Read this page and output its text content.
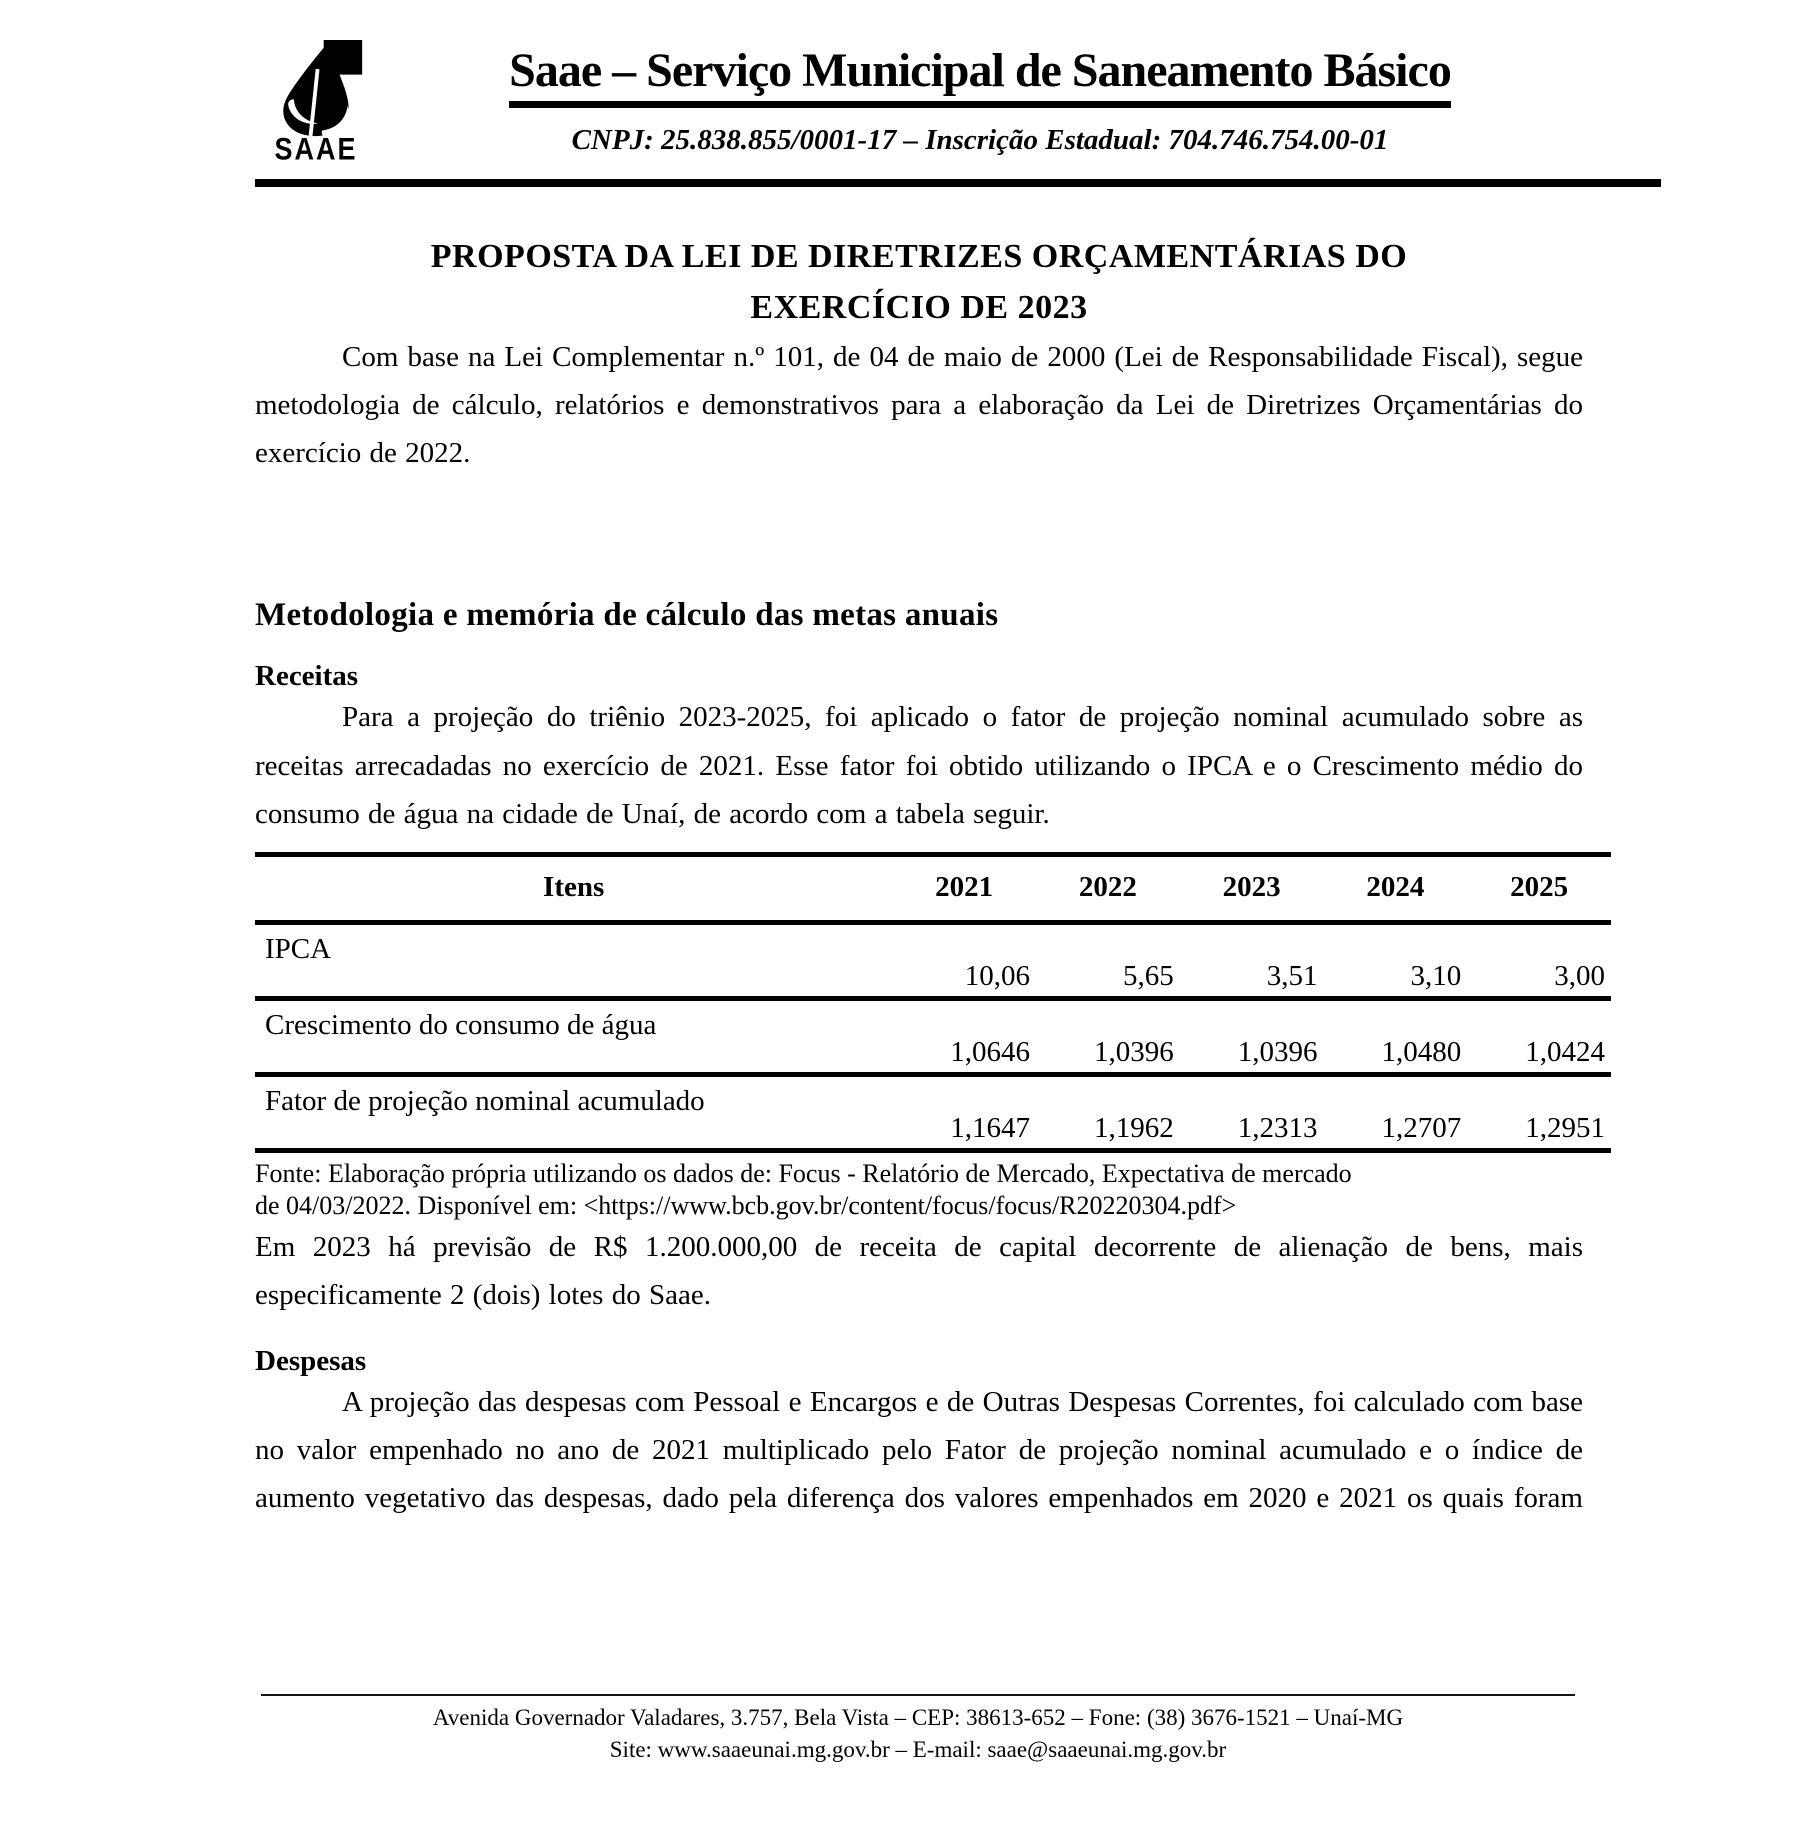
SAAE
Saae – Serviço Municipal de Saneamento Básico
CNPJ: 25.838.855/0001-17 – Inscrição Estadual: 704.746.754.00-01
PROPOSTA DA LEI DE DIRETRIZES ORÇAMENTÁRIAS DO
EXERCÍCIO DE 2023

Com base na Lei Complementar n.º 101, de 04 de maio de 2000 (Lei de Responsabilidade Fiscal), segue metodologia de cálculo, relatórios e demonstrativos para a elaboração da Lei de Diretrizes Orçamentárias do exercício de 2022.

Metodologia e memória de cálculo das metas anuais
Receitas

Para a projeção do triênio 2023-2025, foi aplicado o fator de projeção nominal acumulado sobre as receitas arrecadadas no exercício de 2021. Esse fator foi obtido utilizando o IPCA e o Crescimento médio do consumo de água na cidade de Unaí, de acordo com a tabela seguir.

Itens	2021	2022	2023	2024	2025
IPCA	10,06	5,65	3,51	3,10	3,00
Crescimento do consumo de água	1,0646	1,0396	1,0396	1,0480	1,0424
Fator de projeção nominal acumulado	1,1647	1,1962	1,2313	1,2707	1,2951
Fonte: Elaboração própria utilizando os dados de: Focus - Relatório de Mercado, Expectativa de mercado
de 04/03/2022. Disponível em: <https://www.bcb.gov.br/content/focus/focus/R20220304.pdf>

Em 2023 há previsão de R$ 1.200.000,00 de receita de capital decorrente de alienação de bens, mais especificamente 2 (dois) lotes do Saae.

Despesas

A projeção das despesas com Pessoal e Encargos e de Outras Despesas Correntes, foi calculado com base no valor empenhado no ano de 2021 multiplicado pelo Fator de projeção nominal acumulado e o índice de aumento vegetativo das despesas, dado pela diferença dos valores empenhados em 2020 e 2021 os quais foram

Avenida Governador Valadares, 3.757, Bela Vista – CEP: 38613-652 – Fone: (38) 3676-1521 – Unaí-MG
Site: www.saaeunai.mg.gov.br – E-mail: saae@saaeunai.mg.gov.br
